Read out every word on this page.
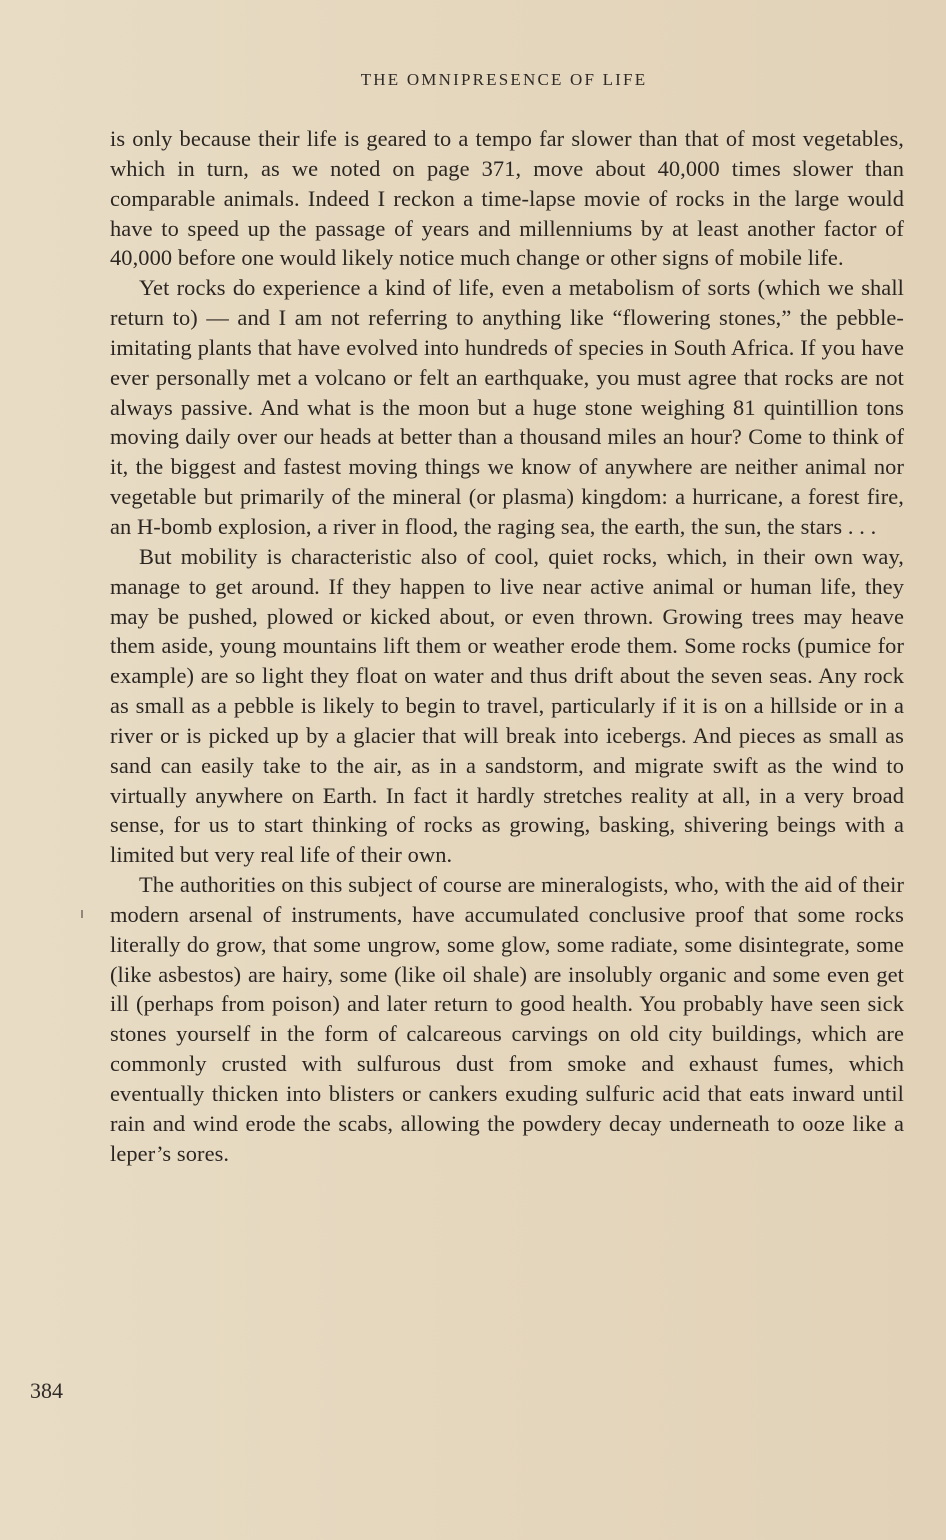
THE OMNIPRESENCE OF LIFE

is only because their life is geared to a tempo far slower than that of most vegetables, which in turn, as we noted on page 371, move about 40,000 times slower than comparable animals. Indeed I reckon a time-lapse movie of rocks in the large would have to speed up the passage of years and millenniums by at least another factor of 40,000 before one would likely notice much change or other signs of mobile life.

Yet rocks do experience a kind of life, even a metabolism of sorts (which we shall return to) — and I am not referring to anything like “flowering stones,” the pebble-imitating plants that have evolved into hundreds of species in South Africa. If you have ever personally met a volcano or felt an earthquake, you must agree that rocks are not always passive. And what is the moon but a huge stone weighing 81 quintillion tons moving daily over our heads at better than a thousand miles an hour? Come to think of it, the biggest and fastest moving things we know of anywhere are neither animal nor vegetable but primarily of the mineral (or plasma) kingdom: a hurricane, a forest fire, an H-bomb explosion, a river in flood, the raging sea, the earth, the sun, the stars . . .

But mobility is characteristic also of cool, quiet rocks, which, in their own way, manage to get around. If they happen to live near active animal or human life, they may be pushed, plowed or kicked about, or even thrown. Growing trees may heave them aside, young mountains lift them or weather erode them. Some rocks (pumice for example) are so light they float on water and thus drift about the seven seas. Any rock as small as a pebble is likely to begin to travel, particularly if it is on a hillside or in a river or is picked up by a glacier that will break into icebergs. And pieces as small as sand can easily take to the air, as in a sandstorm, and migrate swift as the wind to virtually anywhere on Earth. In fact it hardly stretches reality at all, in a very broad sense, for us to start thinking of rocks as growing, basking, shivering beings with a limited but very real life of their own.

The authorities on this subject of course are mineralogists, who, with the aid of their modern arsenal of instruments, have accumulated conclusive proof that some rocks literally do grow, that some ungrow, some glow, some radiate, some disintegrate, some (like asbestos) are hairy, some (like oil shale) are insolubly organic and some even get ill (perhaps from poison) and later return to good health. You probably have seen sick stones yourself in the form of calcareous carvings on old city buildings, which are commonly crusted with sulfurous dust from smoke and exhaust fumes, which eventually thicken into blisters or cankers exuding sulfuric acid that eats inward until rain and wind erode the scabs, allowing the powdery decay underneath to ooze like a leper’s sores.

384
